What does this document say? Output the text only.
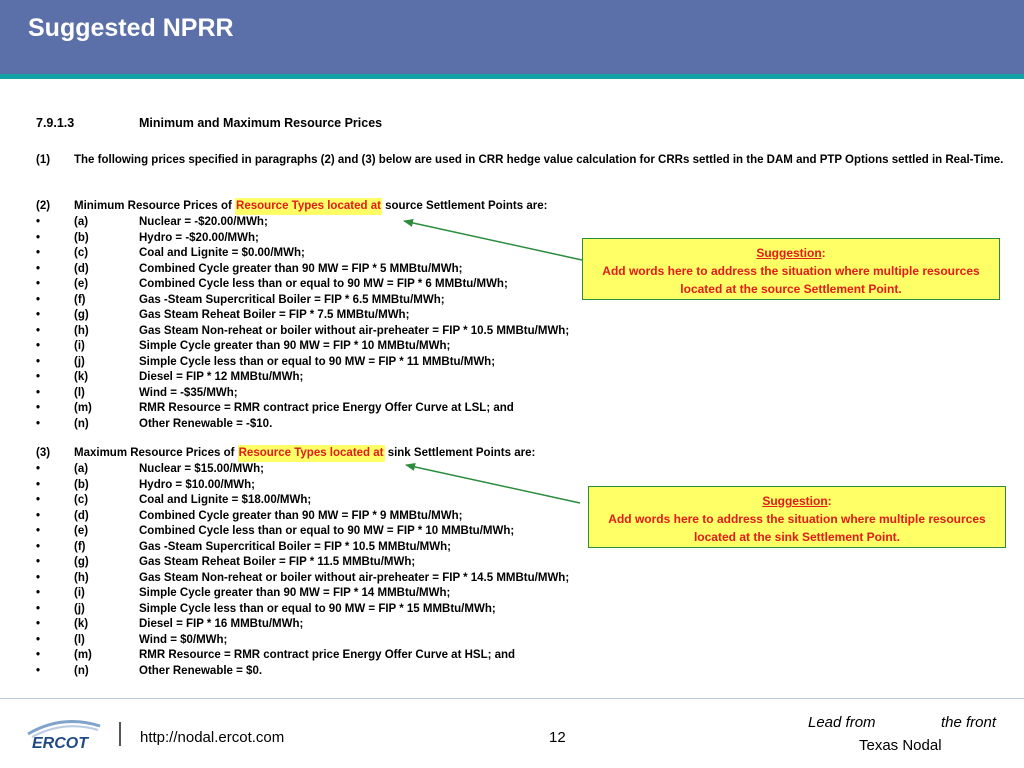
Suggested NPRR
7.9.1.3	Minimum and Maximum Resource Prices
(1) The following prices specified in paragraphs (2) and (3) below are used in CRR hedge value calculation for CRRs settled in the DAM and PTP Options settled in Real-Time.
(2) Minimum Resource Prices of Resource Types located at source Settlement Points are:
•	(a)	Nuclear = -$20.00/MWh;
•	(b)	Hydro = -$20.00/MWh;
•	(c)	Coal and Lignite = $0.00/MWh;
•	(d)	Combined Cycle greater than 90 MW = FIP * 5 MMBtu/MWh;
•	(e)	Combined Cycle less than or equal to 90 MW = FIP * 6 MMBtu/MWh;
•	(f)	Gas -Steam Supercritical Boiler = FIP * 6.5 MMBtu/MWh;
•	(g)	Gas Steam Reheat Boiler = FIP * 7.5 MMBtu/MWh;
•	(h)	Gas Steam Non-reheat or boiler without air-preheater = FIP * 10.5 MMBtu/MWh;
•	(i)	Simple Cycle greater than 90 MW = FIP * 10 MMBtu/MWh;
•	(j)	Simple Cycle less than or equal to 90 MW = FIP * 11 MMBtu/MWh;
•	(k)	Diesel = FIP * 12 MMBtu/MWh;
•	(l)	Wind = -$35/MWh;
•	(m)	RMR Resource = RMR contract price Energy Offer Curve at LSL; and
•	(n)	Other Renewable = -$10.
(3) Maximum Resource Prices of Resource Types located at sink Settlement Points are:
•	(a)	Nuclear = $15.00/MWh;
•	(b)	Hydro = $10.00/MWh;
•	(c)	Coal and Lignite = $18.00/MWh;
•	(d)	Combined Cycle greater than 90 MW = FIP * 9 MMBtu/MWh;
•	(e)	Combined Cycle less than or equal to 90 MW = FIP * 10 MMBtu/MWh;
•	(f)	Gas -Steam Supercritical Boiler = FIP * 10.5 MMBtu/MWh;
•	(g)	Gas Steam Reheat Boiler = FIP * 11.5 MMBtu/MWh;
•	(h)	Gas Steam Non-reheat or boiler without air-preheater = FIP * 14.5 MMBtu/MWh;
•	(i)	Simple Cycle greater than 90 MW = FIP * 14 MMBtu/MWh;
•	(j)	Simple Cycle less than or equal to 90 MW = FIP * 15 MMBtu/MWh;
•	(k)	Diesel = FIP * 16 MMBtu/MWh;
•	(l)	Wind = $0/MWh;
•	(m)	RMR Resource = RMR contract price Energy Offer Curve at HSL; and
•	(n)	Other Renewable = $0.
Suggestion:
Add words here to address the situation where multiple resources located at the source Settlement Point.
Suggestion:
Add words here to address the situation where multiple resources located at the sink Settlement Point.
ERCOT	http://nodal.ercot.com	12
Lead from	the front
Texas Nodal
